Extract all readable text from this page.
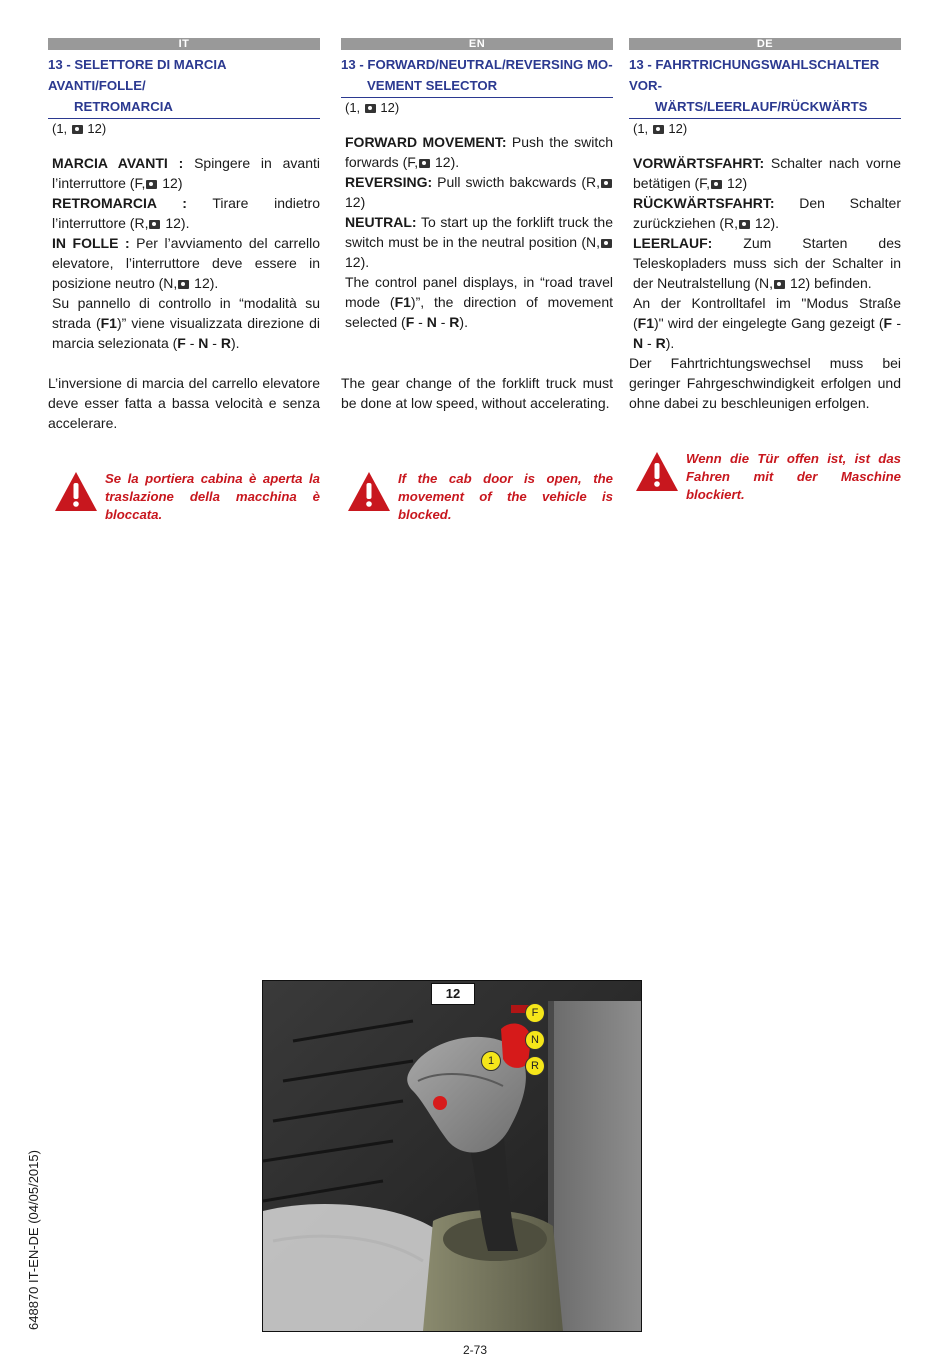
IT
13 - SELETTORE DI MARCIA AVANTI/FOLLE/
RETROMARCIA
(1, 12)
MARCIA AVANTI : Spingere in avanti l’interruttore (F, 12)
RETROMARCIA : Tirare indietro l’interruttore (R, 12).
IN FOLLE : Per l’avviamento del carrello elevatore, l’interruttore deve essere in posizione neutro (N, 12).
Su pannello di controllo in “modalità su strada (F1)” viene visualizzata direzione di marcia selezionata (F - N - R).
L’inversione di marcia del carrello elevatore deve esser fatta a bassa velocità e senza accelerare.
Se la portiera cabina è aperta la traslazione della macchina è bloccata.
EN
13 - FORWARD/NEUTRAL/REVERSING MO-
VEMENT SELECTOR
(1, 12)
FORWARD MOVEMENT: Push the switch forwards (F, 12).
REVERSING: Pull swicth bakcwards (R, 12)
NEUTRAL: To start up the forklift truck the switch must be in the neutral position (N, 12).
The control panel displays, in “road travel mode (F1)”, the direction of movement selected (F - N - R).
The gear change of the forklift truck must be done at low speed, without accelerating.
If the cab door is open, the movement of the vehicle is blocked.
DE
13 - FAHRTRICHUNGSWAHLSCHALTER VOR-
WÄRTS/LEERLAUF/RÜCKWÄRTS
(1, 12)
VORWÄRTSFAHRT: Schalter nach vorne betätigen (F, 12)
RÜCKWÄRTSFAHRT: Den Schalter zurückziehen (R, 12).
LEERLAUF: Zum Starten des Teleskopladers muss sich der Schalter in der Neutralstellung (N, 12) befinden.
An der Kontrolltafel im "Modus Straße (F1)" wird der eingelegte Gang gezeigt (F - N - R).
Der Fahrtrichtungswechsel muss bei geringer Fahrgeschwindigkeit erfolgen und ohne dabei zu beschleunigen erfolgen.
Wenn die Tür offen ist, ist das Fahren mit der Maschine blockiert.
12
F
N
R
1
648870 IT-EN-DE (04/05/2015)
2-73
